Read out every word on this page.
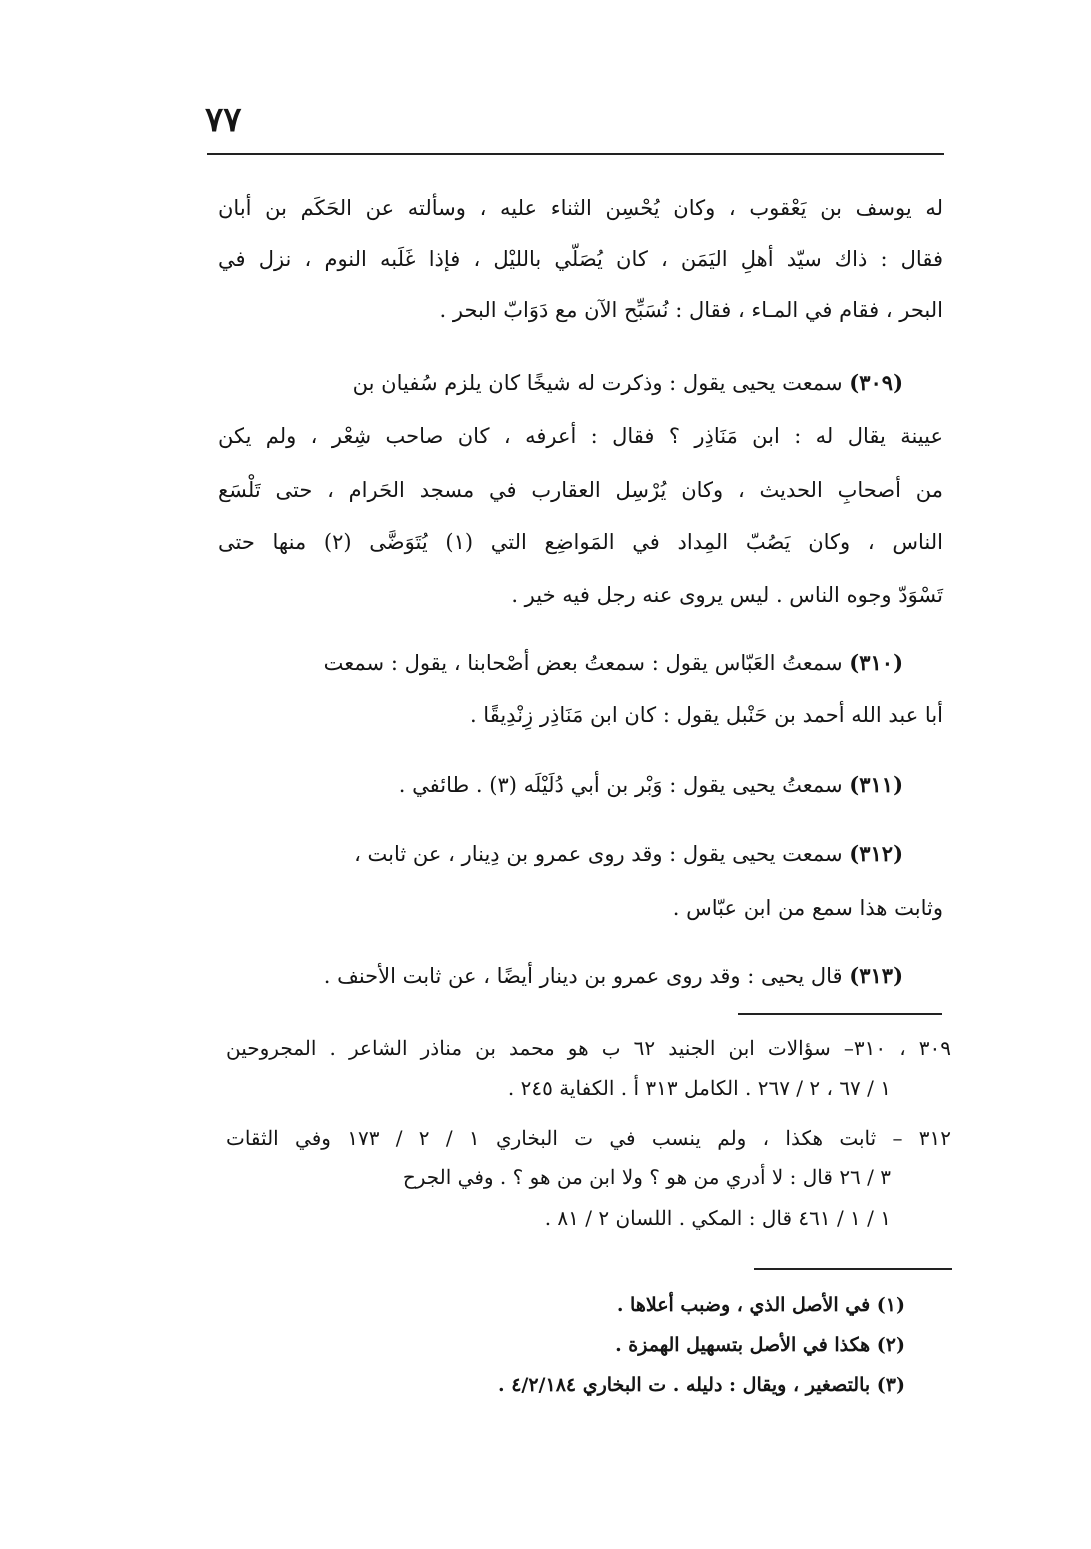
٧٧
له يوسف بن يَعْقوب ، وكان يُحْسِن الثناء عليه ، وسألته عن الحَكَم بن أبان
فقال : ذاك سيّد أهلِ اليَمَن ، كان يُصَلّي بالليْل ، فإذا غَلَبه النوم ، نزل في
البحر ، فقام في المـاء ، فقال : نُسَبِّح الآن مع دَوَابّ البحر .
(٣٠٩) سمعت يحيى يقول : وذكرت له شيخًا كان يلزم سُفيان بن
عيينة يقال له : ابن مَنَاذِر ؟ فقال : أعرفه ، كان صاحب شِعْر ، ولم يكن
من أصحابِ الحديث ، وكان يُرْسِل العقارب في مسجد الحَرام ، حتى تَلْسَع
الناس ، وكان يَصُبّ المِداد في المَواضِع التي (١) يُتَوَضَّى (٢) منها حتى
تَسْوَدّ وجوه الناس . ليس يروى عنه رجل فيه خير .
(٣١٠) سمعتُ العَبّاس يقول : سمعتُ بعض أصْحابنا ، يقول : سمعت
أبا عبد الله أحمد بن حَنْبل يقول : كان ابن مَنَاذِر زِنْدِيقًا .
(٣١١) سمعتُ يحيى يقول : وَبْر بن أبي دُلَيْلَه (٣) . طائفي .
(٣١٢) سمعت يحيى يقول : وقد روى عمرو بن دِينار ، عن ثابت ،
وثابت هذا سمع من ابن عبّاس .
(٣١٣) قال يحيى : وقد روى عمرو بن دينار أيضًا ، عن ثابت الأحنف .
٣٠٩ ، ٣١٠– سؤالات ابن الجنيد ٦٢ ب هو محمد بن مناذر الشاعر . المجروحين
١ / ٦٧ ، ٢ / ٢٦٧ . الكامل ٣١٣ أ . الكفاية ٢٤٥ .
٣١٢ – ثابت هكذا ، ولم ينسب في ت البخاري ١ / ٢ / ١٧٣ وفي الثقات
٣ / ٢٦ قال : لا أدري من هو ؟ ولا ابن من هو ؟ . وفي الجرح
١ / ١ / ٤٦١ قال : المكي . اللسان ٢ / ٨١ .
(١) في الأصل الذي ، وضبب أعلاها .
(٢) هكذا في الأصل بتسهيل الهمزة .
(٣) بالتصغير ، ويقال : دليله . ت البخاري ٤/٢/١٨٤ .
